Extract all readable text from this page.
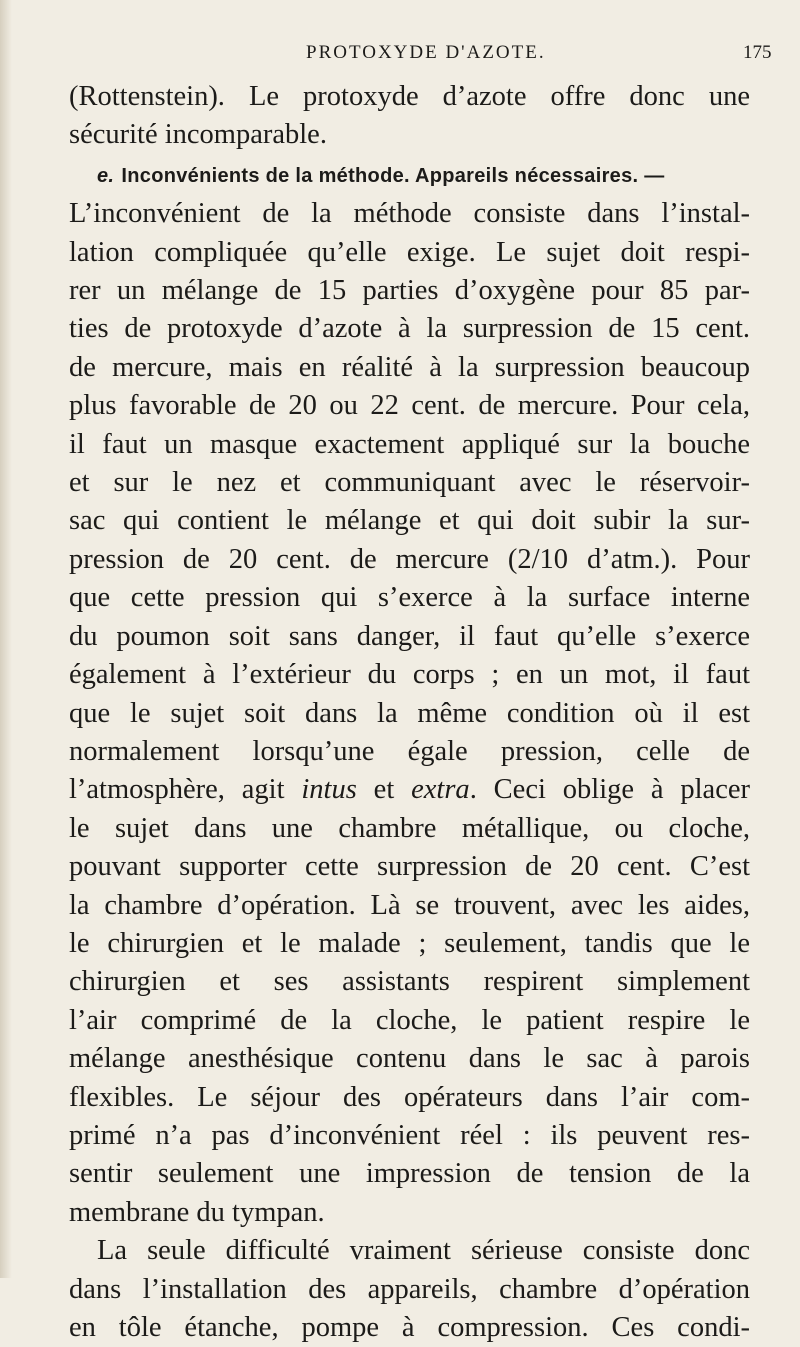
PROTOXYDE D'AZOTE.	175

(Rottenstein). Le protoxyde d’azote offre donc une
sécurité incomparable.

e. Inconvénients de la méthode. Appareils nécessaires. —
L’inconvénient de la méthode consiste dans l’instal-
lation compliquée qu’elle exige. Le sujet doit respi-
rer un mélange de 15 parties d’oxygène pour 85 par-
ties de protoxyde d’azote à la surpression de 15 cent.
de mercure, mais en réalité à la surpression beaucoup
plus favorable de 20 ou 22 cent. de mercure. Pour cela,
il faut un masque exactement appliqué sur la bouche
et sur le nez et communiquant avec le réservoir-
sac qui contient le mélange et qui doit subir la sur-
pression de 20 cent. de mercure (2/10 d’atm.). Pour
que cette pression qui s’exerce à la surface interne
du poumon soit sans danger, il faut qu’elle s’exerce
également à l’extérieur du corps ; en un mot, il faut
que le sujet soit dans la même condition où il est
normalement lorsqu’une égale pression, celle de
l’atmosphère, agit intus et extra. Ceci oblige à placer
le sujet dans une chambre métallique, ou cloche,
pouvant supporter cette surpression de 20 cent. C’est
la chambre d’opération. Là se trouvent, avec les aides,
le chirurgien et le malade ; seulement, tandis que le
chirurgien et ses assistants respirent simplement
l’air comprimé de la cloche, le patient respire le
mélange anesthésique contenu dans le sac à parois
flexibles. Le séjour des opérateurs dans l’air com-
primé n’a pas d’inconvénient réel : ils peuvent res-
sentir seulement une impression de tension de la
membrane du tympan.

La seule difficulté vraiment sérieuse consiste donc
dans l’installation des appareils, chambre d’opération
en tôle étanche, pompe à compression. Ces condi-
